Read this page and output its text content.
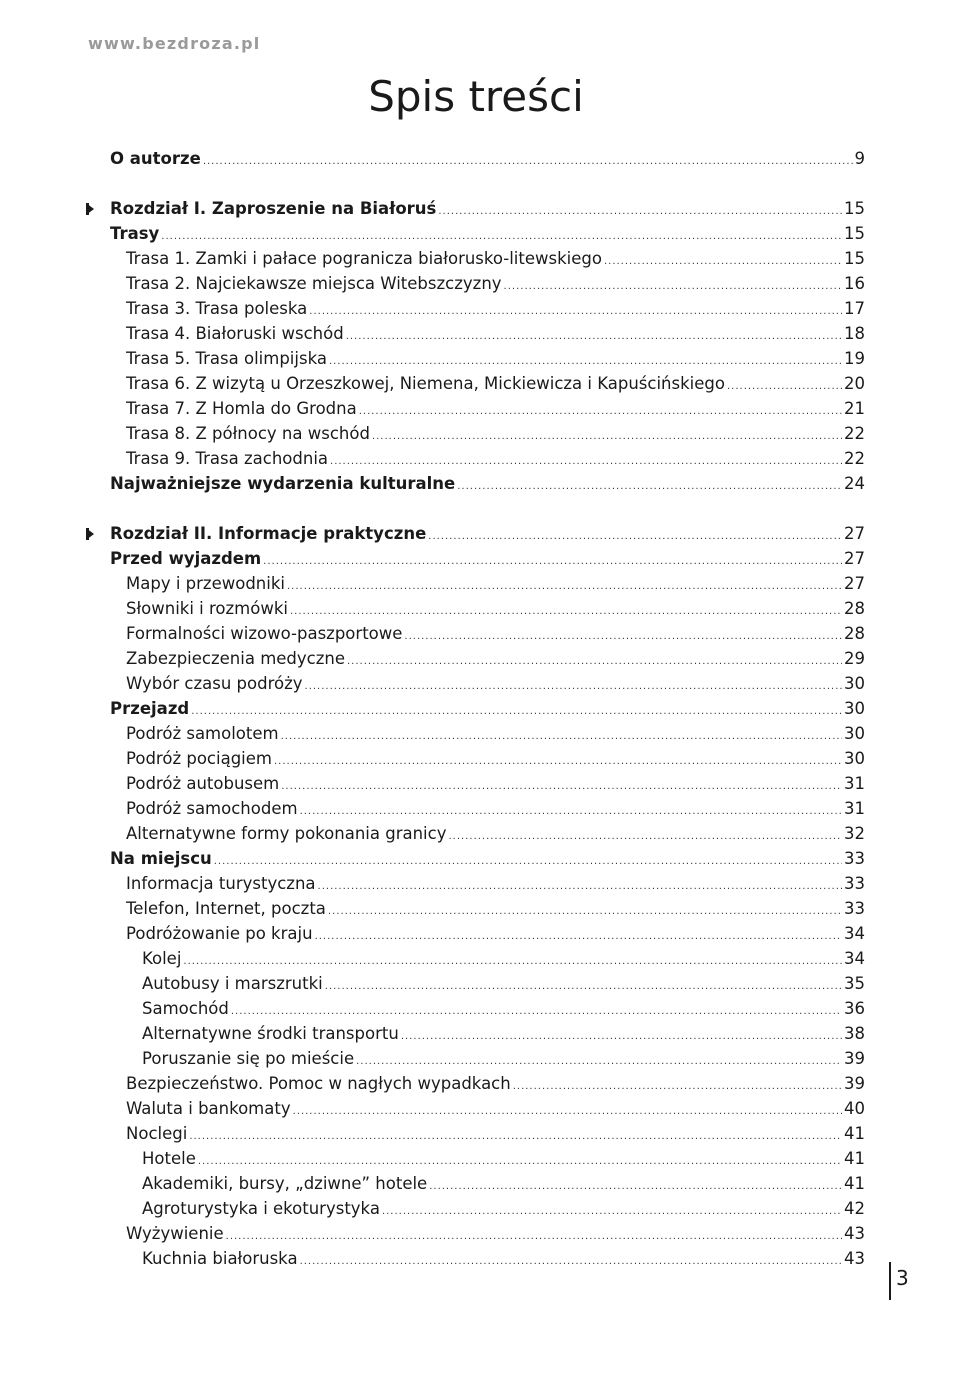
www.bezdroza.pl
Spis treści
O autorze .....	9
Rozdział I. Zaproszenie na Białoruś .....	15
Trasy .....	15
Trasa 1. Zamki i pałace pogranicza białorusko-litewskiego .....	15
Trasa 2. Najciekawsze miejsca Witebszczyzny .....	16
Trasa 3. Trasa poleska .....	17
Trasa 4. Białoruski wschód .....	18
Trasa 5. Trasa olimpijska .....	19
Trasa 6. Z wizytą u Orzeszkowej, Niemena, Mickiewicza i Kapuścińskiego .....	20
Trasa 7. Z Homla do Grodna .....	21
Trasa 8. Z północy na wschód .....	22
Trasa 9. Trasa zachodnia .....	22
Najważniejsze wydarzenia kulturalne .....	24
Rozdział II. Informacje praktyczne .....	27
Przed wyjazdem .....	27
Mapy i przewodniki .....	27
Słowniki i rozmówki .....	28
Formalności wizowo-paszportowe .....	28
Zabezpieczenia medyczne .....	29
Wybór czasu podróży .....	30
Przejazd .....	30
Podróż samolotem .....	30
Podróż pociągiem .....	30
Podróż autobusem .....	31
Podróż samochodem .....	31
Alternatywne formy pokonania granicy .....	32
Na miejscu .....	33
Informacja turystyczna .....	33
Telefon, Internet, poczta .....	33
Podróżowanie po kraju .....	34
Kolej .....	34
Autobusy i marszrutki .....	35
Samochód .....	36
Alternatywne środki transportu .....	38
Poruszanie się po mieście .....	39
Bezpieczeństwo. Pomoc w nagłych wypadkach .....	39
Waluta i bankomaty .....	40
Noclegi .....	41
Hotele .....	41
Akademiki, bursy, „dziwne” hotele .....	41
Agroturystyka i ekoturystyka .....	42
Wyżywienie .....	43
Kuchnia białoruska .....	43
3
